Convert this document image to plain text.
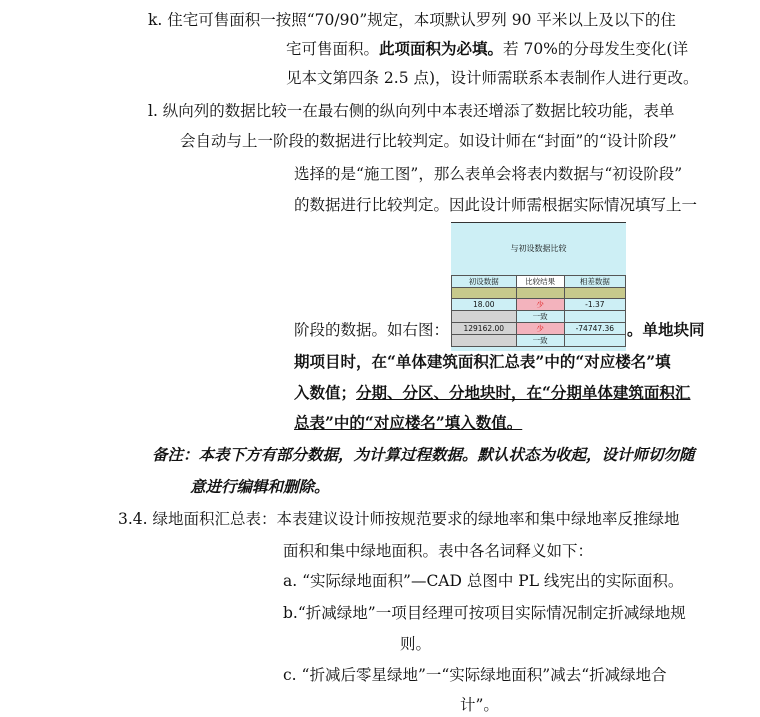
k. 住宅可售面积一按照“70/90”规定，本项默认罗列 90 平米以上及以下的住
宅可售面积。此项面积为必填。若 70%的分母发生变化(详
见本文第四条 2.5 点)，设计师需联系本表制作人进行更改。
l. 纵向列的数据比较一在最右侧的纵向列中本表还增添了数据比较功能，表单
会自动与上一阶段的数据进行比较判定。如设计师在“封面”的“设计阶段”
选择的是“施工图”，那么表单会将表内数据与“初设阶段”
的数据进行比较判定。因此设计师需根据实际情况填写上一
与初设数据比较
初设数据	比较结果	相差数据

18.00	少	-1.37
	一致	
129162.00	少	-74747.36
	一致	
阶段的数据。如右图：	。单地块同
期项目时，在“单体建筑面积汇总表”中的“对应楼名”填
入数值；分期、分区、分地块时，在“分期单体建筑面积汇
总表”中的“对应楼名”填入数值。
备注：本表下方有部分数据，为计算过程数据。默认状态为收起，设计师切勿随
意进行编辑和删除。
3.4. 绿地面积汇总表：本表建议设计师按规范要求的绿地率和集中绿地率反推绿地
面积和集中绿地面积。表中各名词释义如下：
a. “实际绿地面积”—CAD 总图中 PL 线宪出的实际面积。
b.“折减绿地”一项目经理可按项目实际情况制定折减绿地规
则。
c. “折减后零星绿地”一“实际绿地面积”减去“折减绿地合
计”。
